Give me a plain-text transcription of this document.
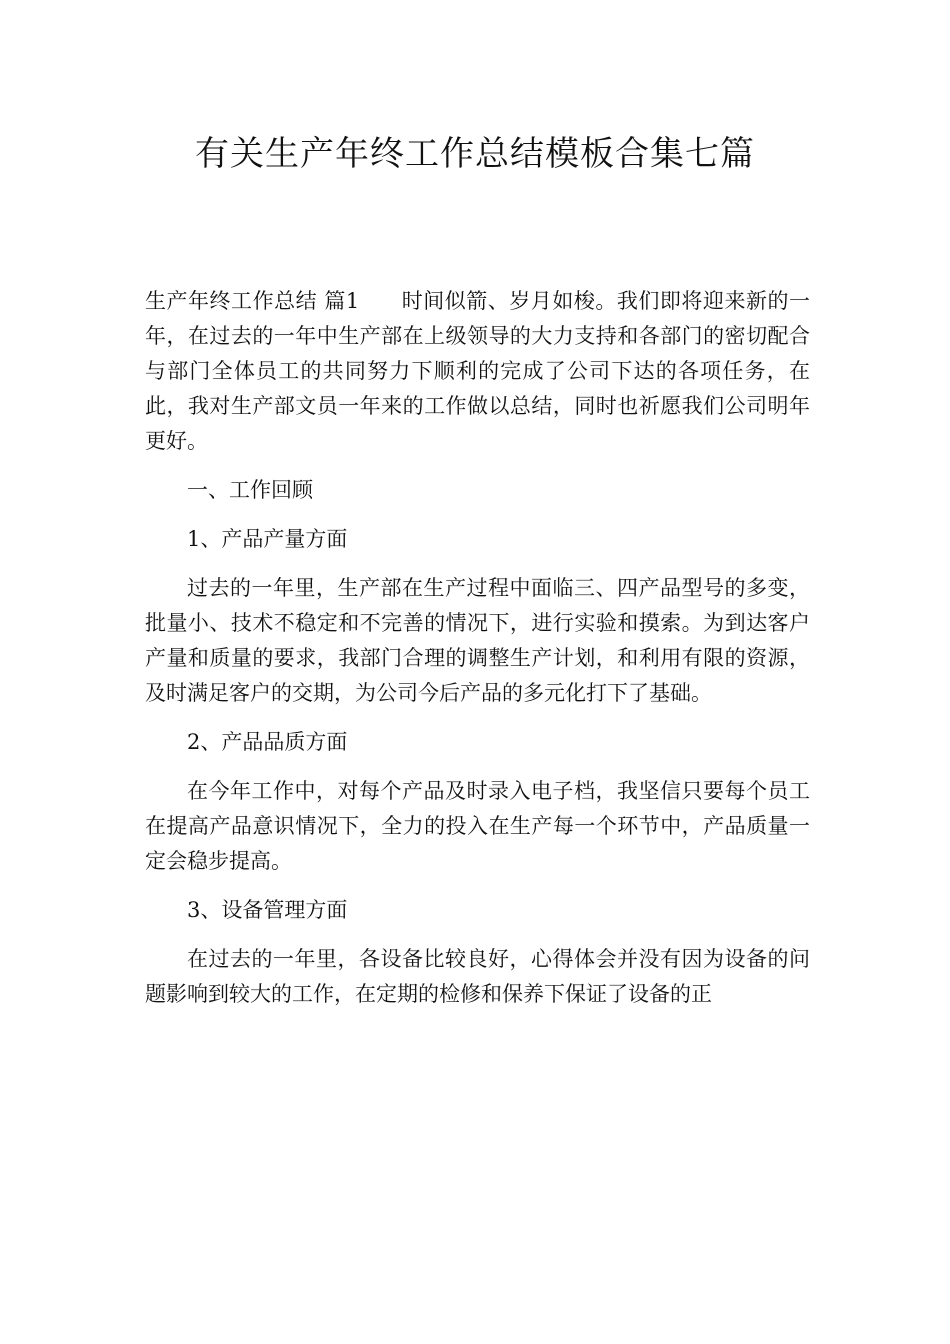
有关生产年终工作总结模板合集七篇

生产年终工作总结 篇1 时间似箭、岁月如梭。我们即将迎来新的一年，在过去的一年中生产部在上级领导的大力支持和各部门的密切配合与部门全体员工的共同努力下顺利的完成了公司下达的各项任务，在此，我对生产部文员一年来的工作做以总结，同时也祈愿我们公司明年更好。

一、工作回顾

1、产品产量方面

过去的一年里，生产部在生产过程中面临三、四产品型号的多变，批量小、技术不稳定和不完善的情况下，进行实验和摸索。为到达客户产量和质量的要求，我部门合理的调整生产计划，和利用有限的资源，及时满足客户的交期，为公司今后产品的多元化打下了基础。

2、产品品质方面

在今年工作中，对每个产品及时录入电子档，我坚信只要每个员工在提高产品意识情况下，全力的投入在生产每一个环节中，产品质量一定会稳步提高。

3、设备管理方面

在过去的一年里，各设备比较良好，心得体会并没有因为设备的问题影响到较大的工作，在定期的检修和保养下保证了设备的正
